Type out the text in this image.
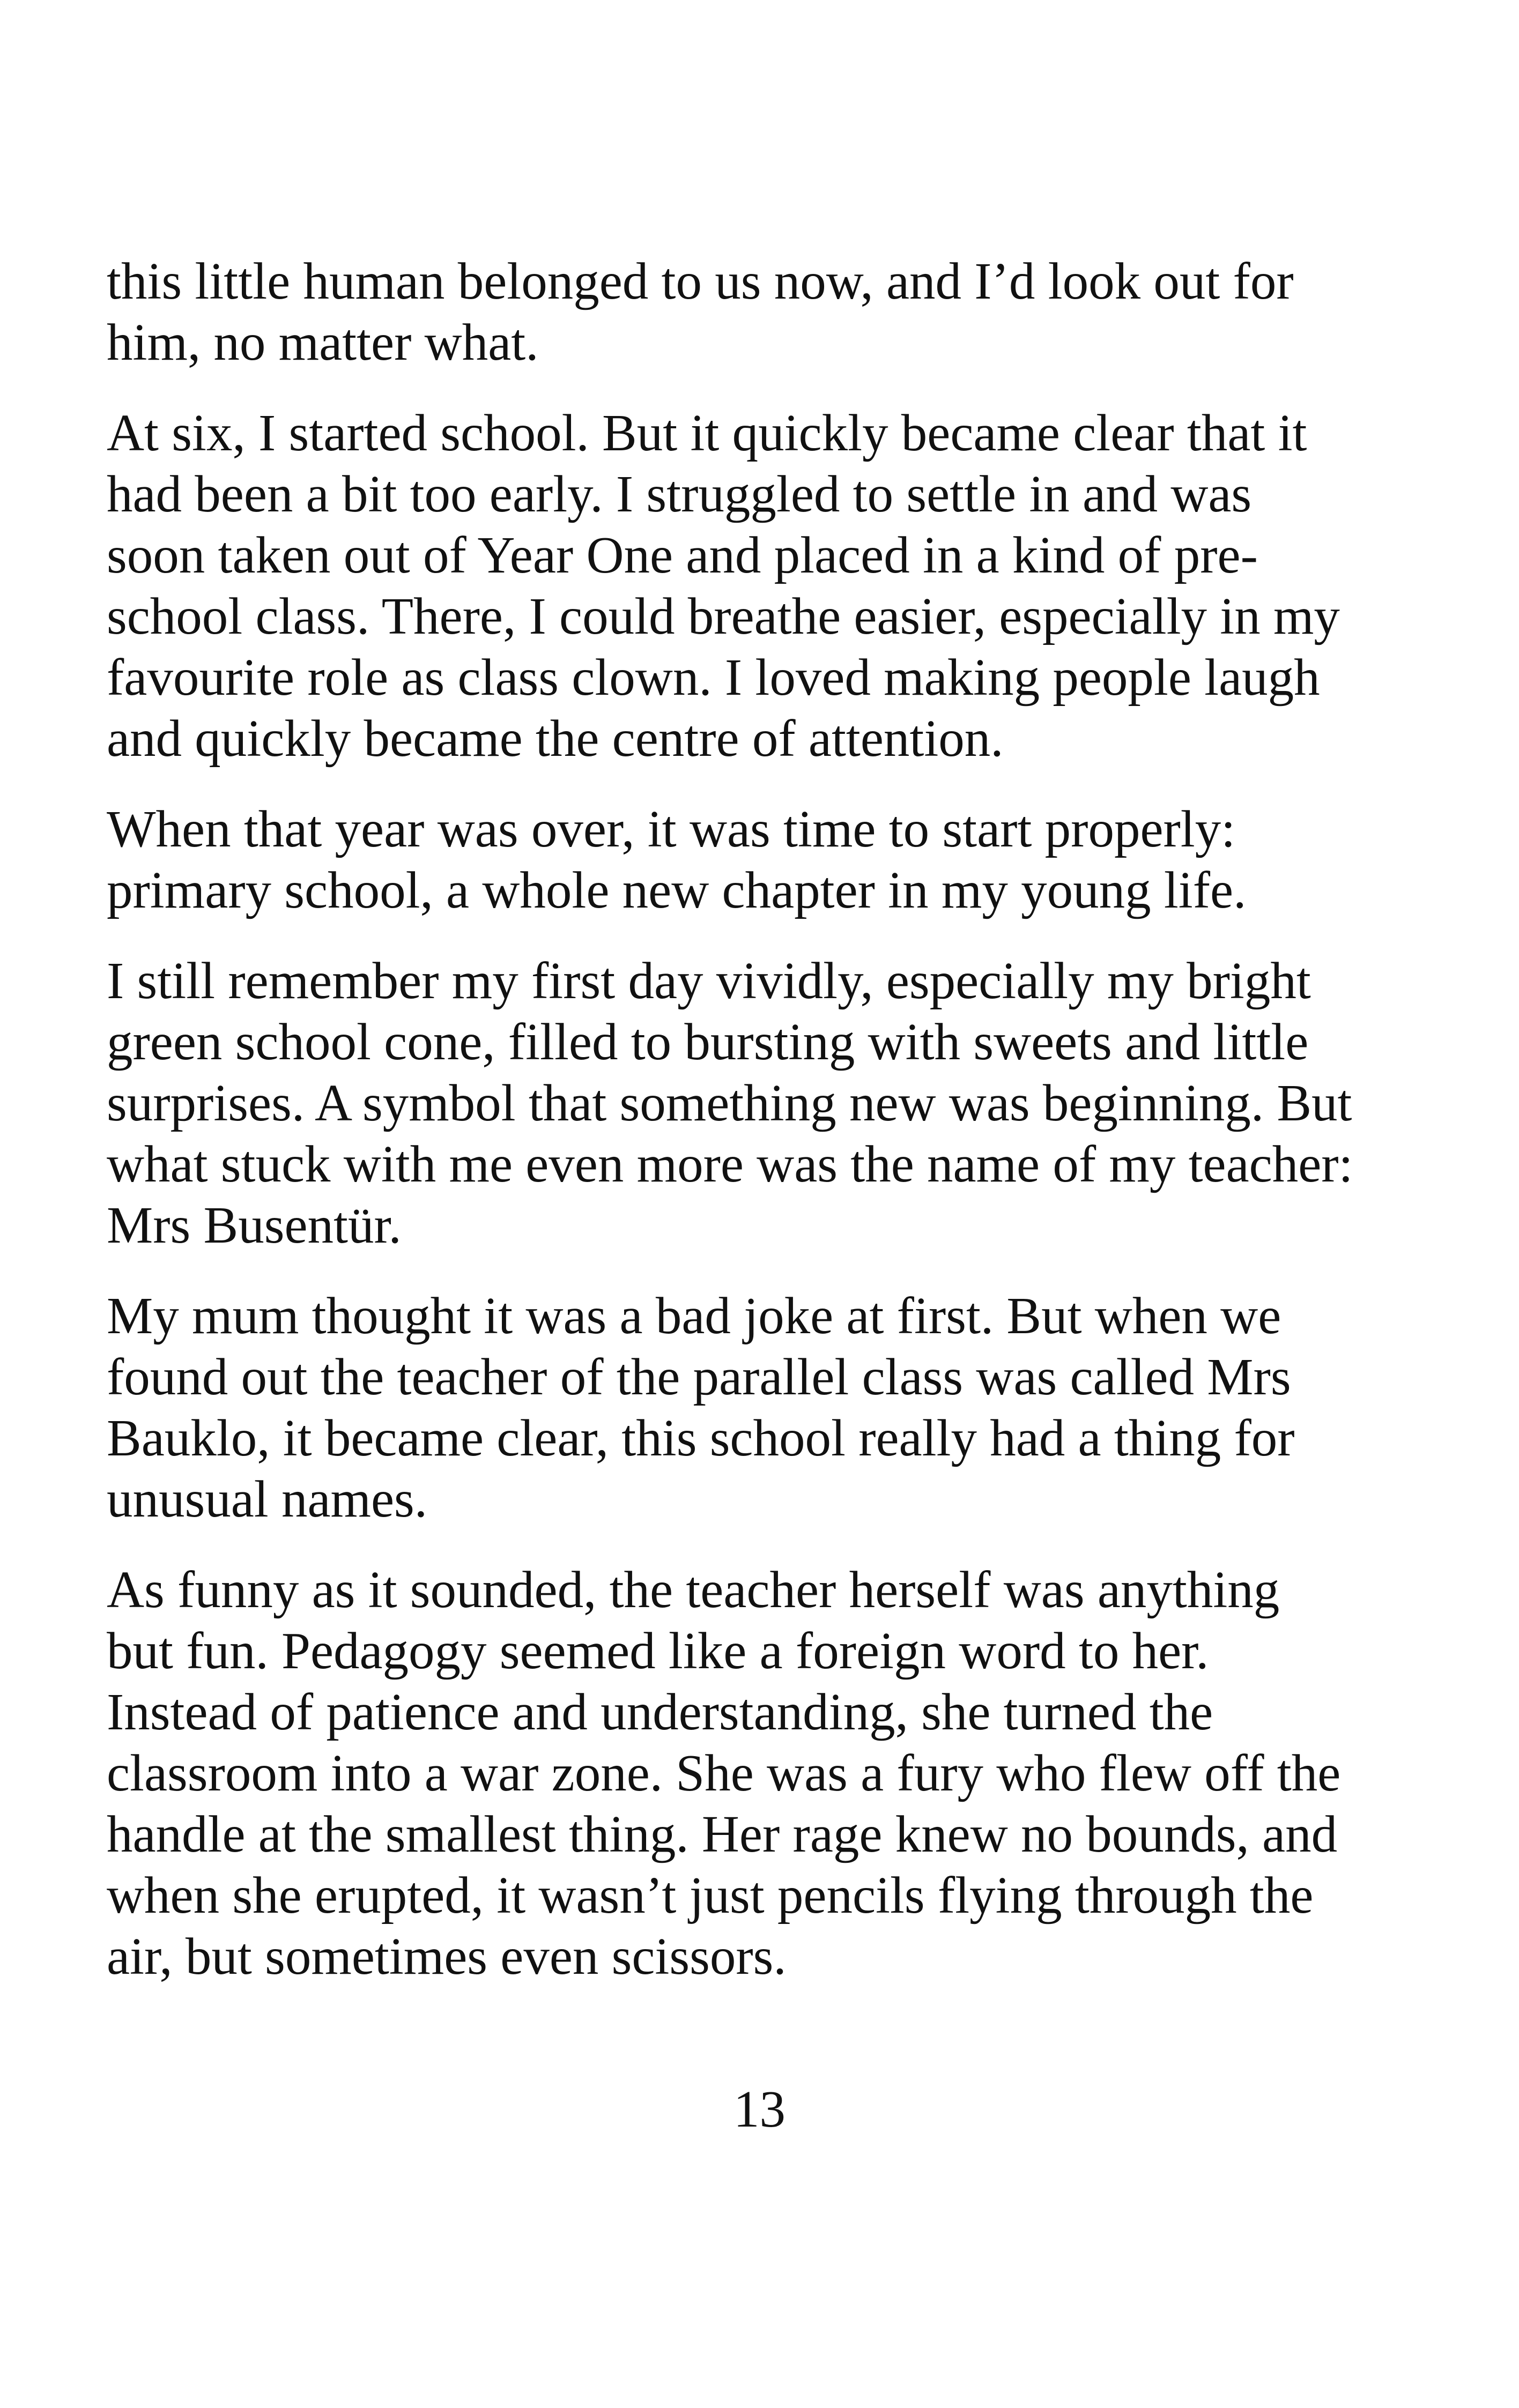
this little human belonged to us now, and I’d look out for
him, no matter what.

At six, I started school. But it quickly became clear that it
had been a bit too early. I struggled to settle in and was
soon taken out of Year One and placed in a kind of pre-
school class. There, I could breathe easier, especially in my
favourite role as class clown. I loved making people laugh
and quickly became the centre of attention.

When that year was over, it was time to start properly:
primary school, a whole new chapter in my young life.

I still remember my first day vividly, especially my bright
green school cone, filled to bursting with sweets and little
surprises. A symbol that something new was beginning. But
what stuck with me even more was the name of my teacher:
Mrs Busentür.

My mum thought it was a bad joke at first. But when we
found out the teacher of the parallel class was called Mrs
Bauklo, it became clear, this school really had a thing for
unusual names.

As funny as it sounded, the teacher herself was anything
but fun. Pedagogy seemed like a foreign word to her.
Instead of patience and understanding, she turned the
classroom into a war zone. She was a fury who flew off the
handle at the smallest thing. Her rage knew no bounds, and
when she erupted, it wasn’t just pencils flying through the
air, but sometimes even scissors.

13
